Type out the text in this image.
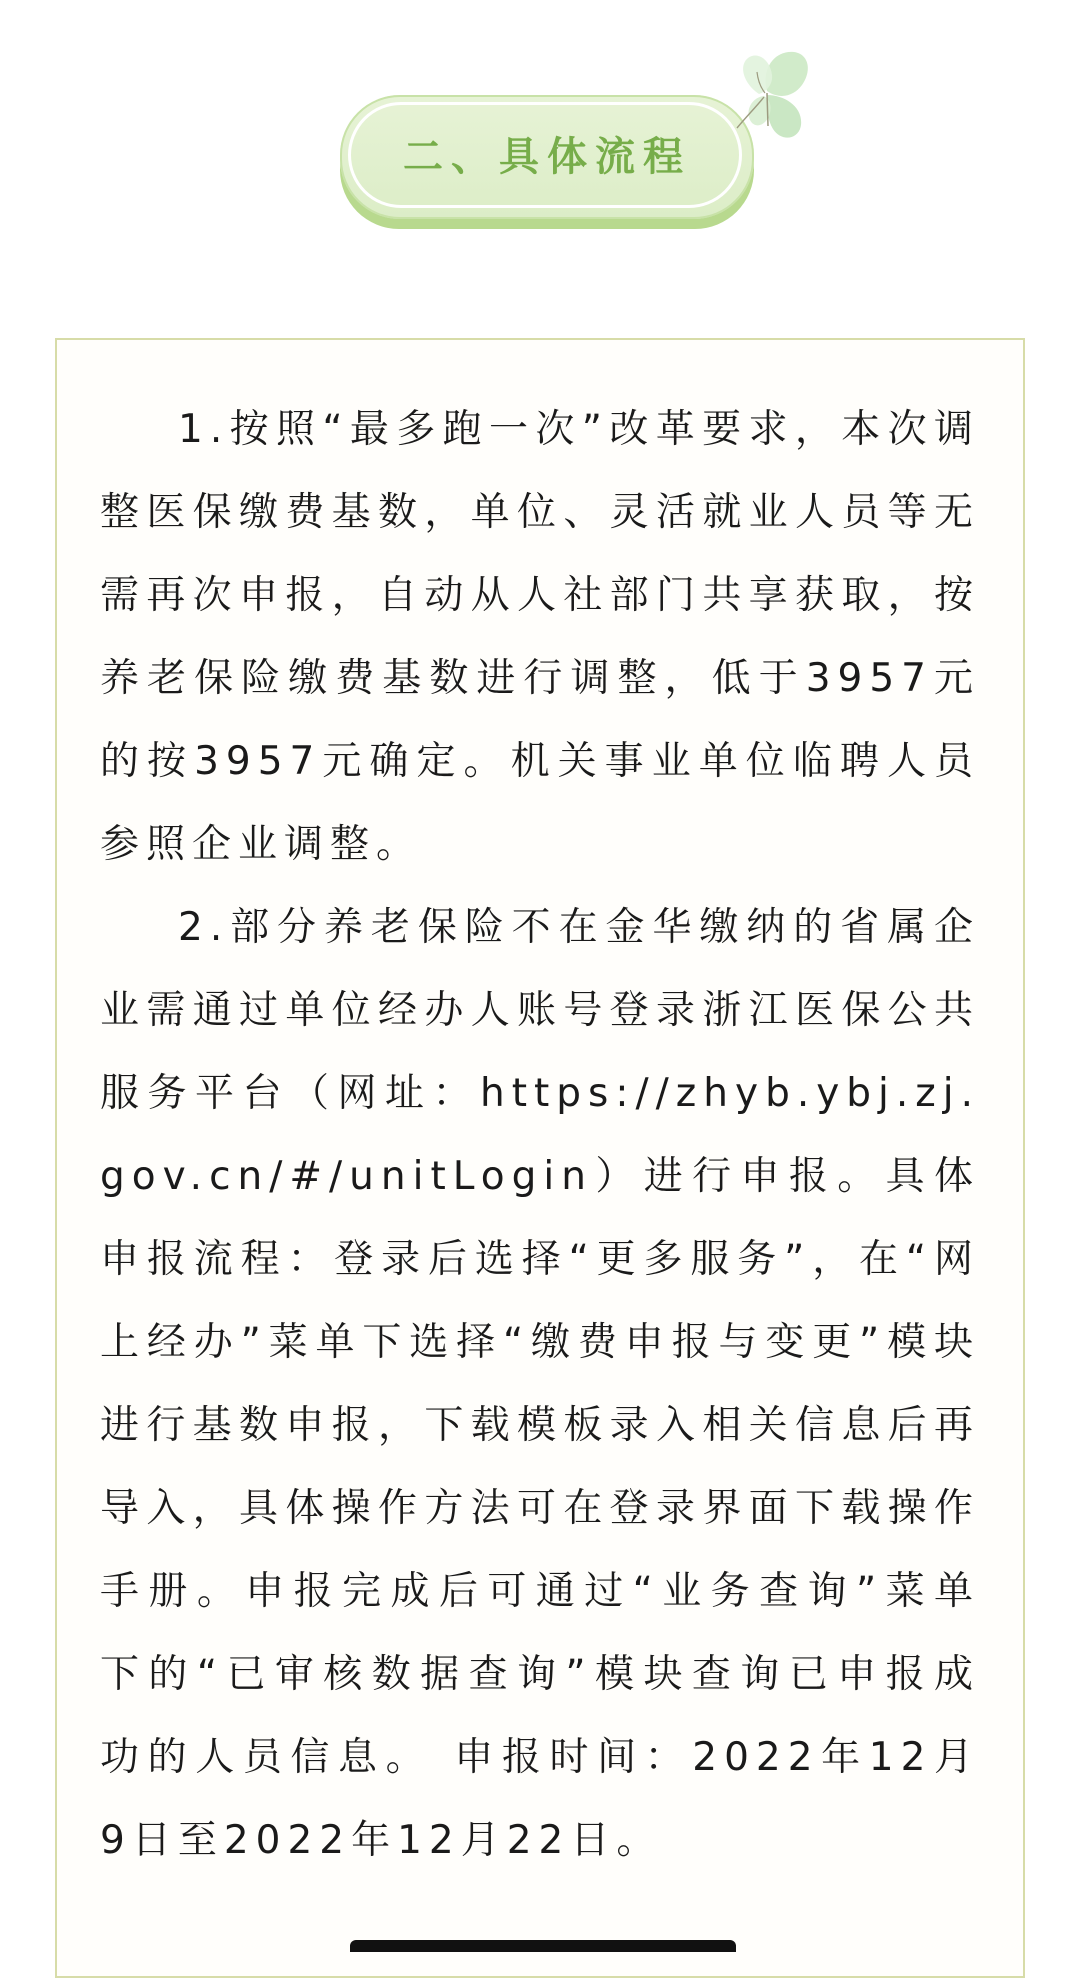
二、具体流程

1.按照“最多跑一次”改革要求，本次调整医保缴费基数，单位、灵活就业人员等无需再次申报，自动从人社部门共享获取，按养老保险缴费基数进行调整，低于3957元的按3957元确定。机关事业单位临聘人员参照企业调整。

2.部分养老保险不在金华缴纳的省属企业需通过单位经办人账号登录浙江医保公共服务平台（网址：https://zhyb.ybj.zj.gov.cn/#/unitLogin）进行申报。具体申报流程：登录后选择“更多服务”，在“网上经办”菜单下选择“缴费申报与变更”模块进行基数申报，下载模板录入相关信息后再导入，具体操作方法可在登录界面下载操作手册。申报完成后可通过“业务查询”菜单下的“已审核数据查询”模块查询已申报成功的人员信息。 申报时间：2022年12月9日至2022年12月22日。
